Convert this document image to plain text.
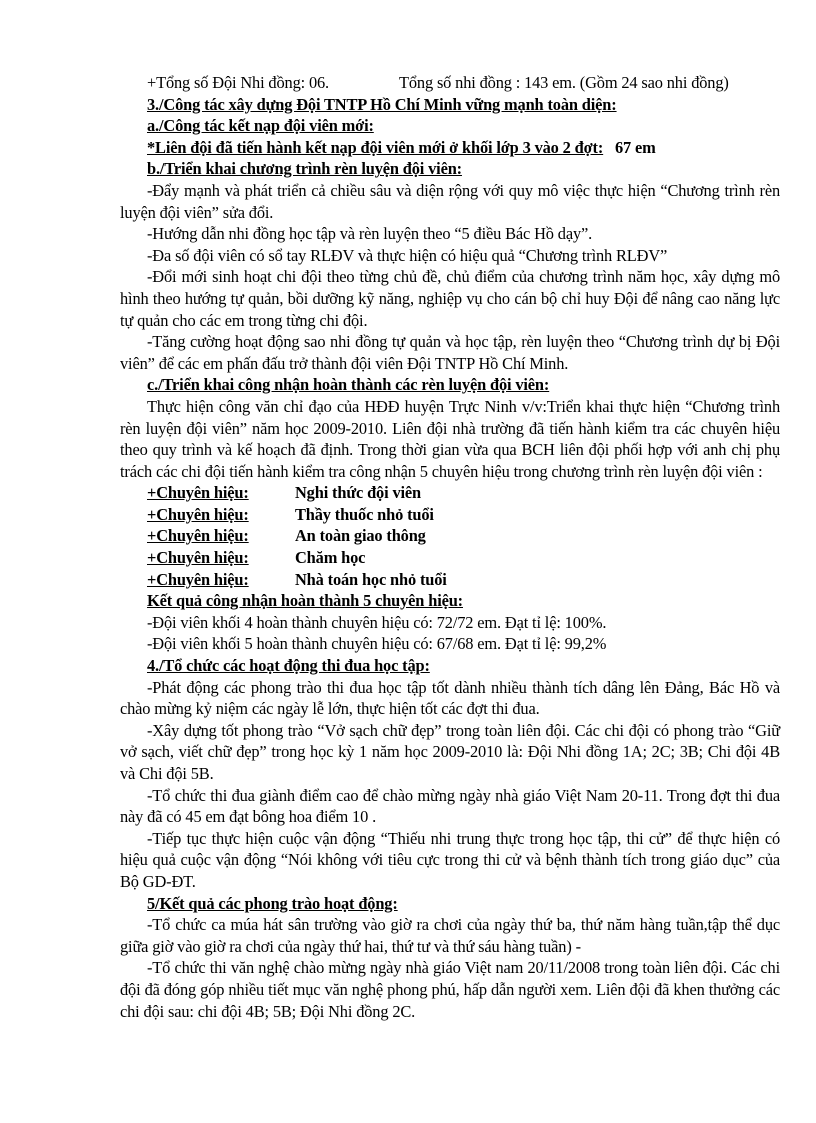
+Tổng số Đội Nhi đồng: 06.	Tổng số nhi đồng : 143 em. (Gồm 24 sao nhi đồng)

3./Công tác xây dựng Đội TNTP Hồ Chí Minh vững mạnh toàn diện:

a./Công tác kết nạp đội viên mới:

*Liên đội đã tiến hành kết nạp đội viên mới ở khối lớp 3 vào 2 đợt: 67 em

b./Triển khai chương trình rèn luyện đội viên:

-Đẩy mạnh và phát triển cả chiều sâu và diện rộng với quy mô việc thực hiện “Chương trình rèn luyện đội viên” sửa đổi.

-Hướng dẫn nhi đồng học tập và rèn luyện theo “5 điều Bác Hồ dạy”.

-Đa số đội viên có sổ tay RLĐV và thực hiện có hiệu quả “Chương trình RLĐV”

-Đổi mới sinh hoạt chi đội theo từng chủ đề, chủ điểm của chương trình năm học, xây dựng mô hình theo hướng tự quản, bồi dưỡng kỹ năng, nghiệp vụ cho cán bộ chỉ huy Đội để nâng cao năng lực tự quản cho các em trong từng chi đội.

-Tăng cường hoạt động sao nhi đồng tự quản và học tập, rèn luyện theo “Chương trình dự bị Đội viên” để các em phấn đấu trở thành đội viên Đội TNTP Hồ Chí Minh.

c./Triển khai công nhận hoàn thành các rèn luyện đội viên:

Thực hiện công văn chỉ đạo của HĐĐ huyện Trực Ninh v/v:Triển khai thực hiện “Chương trình rèn luyện đội viên” năm học 2009-2010. Liên đội nhà trường đã tiến hành kiểm tra các chuyên hiệu theo quy trình và kế hoạch đã định. Trong thời gian vừa qua BCH liên đội phối hợp với anh chị phụ trách các chi đội tiến hành kiểm tra công nhận 5 chuyên hiệu trong chương trình rèn luyện đội viên :

+Chuyên hiệu:	Nghi thức đội viên
+Chuyên hiệu:	Thầy thuốc nhỏ tuổi
+Chuyên hiệu:	An toàn giao thông
+Chuyên hiệu:	Chăm học
+Chuyên hiệu:	Nhà toán học nhỏ tuổi

Kết quả công nhận hoàn thành 5 chuyên hiệu:

-Đội viên khối 4 hoàn thành chuyên hiệu có: 72/72 em. Đạt tỉ lệ: 100%.

-Đội viên khối 5 hoàn thành chuyên hiệu có: 67/68 em. Đạt tỉ lệ: 99,2%

4./Tổ chức các hoạt động thi đua học tập:

-Phát động các phong trào thi đua học tập tốt dành nhiều thành tích dâng lên Đảng, Bác Hồ và chào mừng kỷ niệm các ngày lễ lớn, thực hiện tốt các đợt thi đua.

-Xây dựng tốt phong trào “Vở sạch chữ đẹp” trong toàn liên đội. Các chi đội có phong trào “Giữ vở sạch, viết chữ đẹp” trong học kỳ 1 năm học 2009-2010 là: Đội Nhi đồng 1A; 2C; 3B; Chi đội 4B và Chi đội 5B.

-Tổ chức thi đua giành điểm cao để chào mừng ngày nhà giáo Việt Nam 20-11. Trong đợt thi đua này đã có 45 em đạt bông hoa điểm 10 .

-Tiếp tục thực hiện cuộc vận động “Thiếu nhi trung thực trong học tập, thi cử” để thực hiện có hiệu quả cuộc vận động “Nói không với tiêu cực trong thi cử và bệnh thành tích trong giáo dục” của Bộ GD-ĐT.

5/Kết quả các phong trào hoạt động:

-Tổ chức ca múa hát sân trường vào giờ ra chơi của ngày thứ ba, thứ năm hàng tuần,tập thể dục giữa giờ vào giờ ra chơi của ngày thứ hai, thứ tư và thứ sáu hàng tuần) -

-Tổ chức thi văn nghệ chào mừng ngày nhà giáo Việt nam 20/11/2008 trong toàn liên đội. Các chi đội đã đóng góp nhiều tiết mục văn nghệ phong phú, hấp dẫn người xem. Liên đội đã khen thưởng các chi đội sau: chi đội 4B; 5B; Đội Nhi đồng 2C.
